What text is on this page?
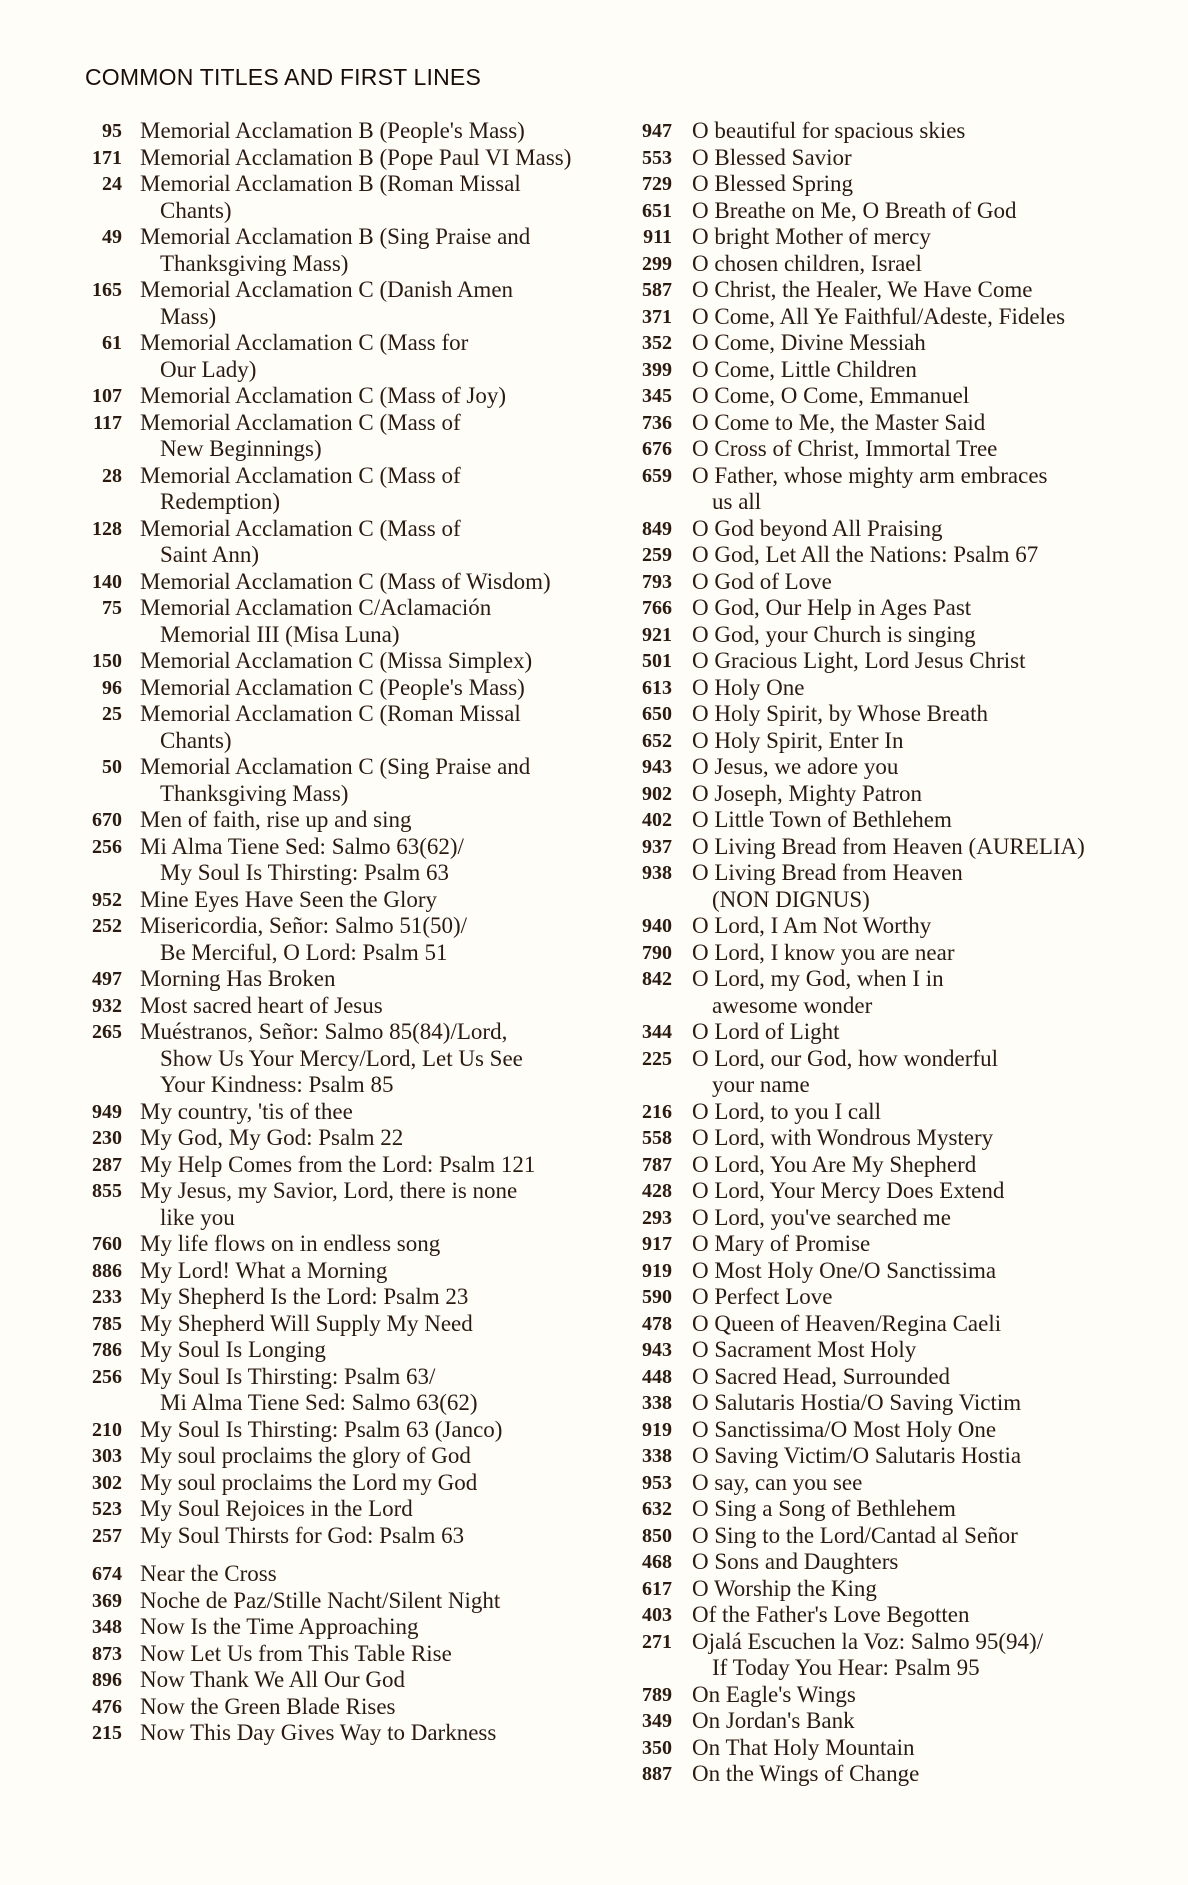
COMMON TITLES AND FIRST LINES
95 Memorial Acclamation B (People's Mass)
171 Memorial Acclamation B (Pope Paul VI Mass)
24 Memorial Acclamation B (Roman Missal
Chants)
49 Memorial Acclamation B (Sing Praise and
Thanksgiving Mass)
165 Memorial Acclamation C (Danish Amen
Mass)
61 Memorial Acclamation C (Mass for
Our Lady)
107 Memorial Acclamation C (Mass of Joy)
117 Memorial Acclamation C (Mass of
New Beginnings)
28 Memorial Acclamation C (Mass of
Redemption)
128 Memorial Acclamation C (Mass of
Saint Ann)
140 Memorial Acclamation C (Mass of Wisdom)
75 Memorial Acclamation C/Aclamación
Memorial III (Misa Luna)
150 Memorial Acclamation C (Missa Simplex)
96 Memorial Acclamation C (People's Mass)
25 Memorial Acclamation C (Roman Missal
Chants)
50 Memorial Acclamation C (Sing Praise and
Thanksgiving Mass)
670 Men of faith, rise up and sing
256 Mi Alma Tiene Sed: Salmo 63(62)/
My Soul Is Thirsting: Psalm 63
952 Mine Eyes Have Seen the Glory
252 Misericordia, Señor: Salmo 51(50)/
Be Merciful, O Lord: Psalm 51
497 Morning Has Broken
932 Most sacred heart of Jesus
265 Muéstranos, Señor: Salmo 85(84)/Lord,
Show Us Your Mercy/Lord, Let Us See
Your Kindness: Psalm 85
949 My country, 'tis of thee
230 My God, My God: Psalm 22
287 My Help Comes from the Lord: Psalm 121
855 My Jesus, my Savior, Lord, there is none
like you
760 My life flows on in endless song
886 My Lord! What a Morning
233 My Shepherd Is the Lord: Psalm 23
785 My Shepherd Will Supply My Need
786 My Soul Is Longing
256 My Soul Is Thirsting: Psalm 63/
Mi Alma Tiene Sed: Salmo 63(62)
210 My Soul Is Thirsting: Psalm 63 (Janco)
303 My soul proclaims the glory of God
302 My soul proclaims the Lord my God
523 My Soul Rejoices in the Lord
257 My Soul Thirsts for God: Psalm 63
674 Near the Cross
369 Noche de Paz/Stille Nacht/Silent Night
348 Now Is the Time Approaching
873 Now Let Us from This Table Rise
896 Now Thank We All Our God
476 Now the Green Blade Rises
215 Now This Day Gives Way to Darkness
947 O beautiful for spacious skies
553 O Blessed Savior
729 O Blessed Spring
651 O Breathe on Me, O Breath of God
911 O bright Mother of mercy
299 O chosen children, Israel
587 O Christ, the Healer, We Have Come
371 O Come, All Ye Faithful/Adeste, Fideles
352 O Come, Divine Messiah
399 O Come, Little Children
345 O Come, O Come, Emmanuel
736 O Come to Me, the Master Said
676 O Cross of Christ, Immortal Tree
659 O Father, whose mighty arm embraces
us all
849 O God beyond All Praising
259 O God, Let All the Nations: Psalm 67
793 O God of Love
766 O God, Our Help in Ages Past
921 O God, your Church is singing
501 O Gracious Light, Lord Jesus Christ
613 O Holy One
650 O Holy Spirit, by Whose Breath
652 O Holy Spirit, Enter In
943 O Jesus, we adore you
902 O Joseph, Mighty Patron
402 O Little Town of Bethlehem
937 O Living Bread from Heaven (AURELIA)
938 O Living Bread from Heaven
(NON DIGNUS)
940 O Lord, I Am Not Worthy
790 O Lord, I know you are near
842 O Lord, my God, when I in
awesome wonder
344 O Lord of Light
225 O Lord, our God, how wonderful
your name
216 O Lord, to you I call
558 O Lord, with Wondrous Mystery
787 O Lord, You Are My Shepherd
428 O Lord, Your Mercy Does Extend
293 O Lord, you've searched me
917 O Mary of Promise
919 O Most Holy One/O Sanctissima
590 O Perfect Love
478 O Queen of Heaven/Regina Caeli
943 O Sacrament Most Holy
448 O Sacred Head, Surrounded
338 O Salutaris Hostia/O Saving Victim
919 O Sanctissima/O Most Holy One
338 O Saving Victim/O Salutaris Hostia
953 O say, can you see
632 O Sing a Song of Bethlehem
850 O Sing to the Lord/Cantad al Señor
468 O Sons and Daughters
617 O Worship the King
403 Of the Father's Love Begotten
271 Ojalá Escuchen la Voz: Salmo 95(94)/
If Today You Hear: Psalm 95
789 On Eagle's Wings
349 On Jordan's Bank
350 On That Holy Mountain
887 On the Wings of Change
